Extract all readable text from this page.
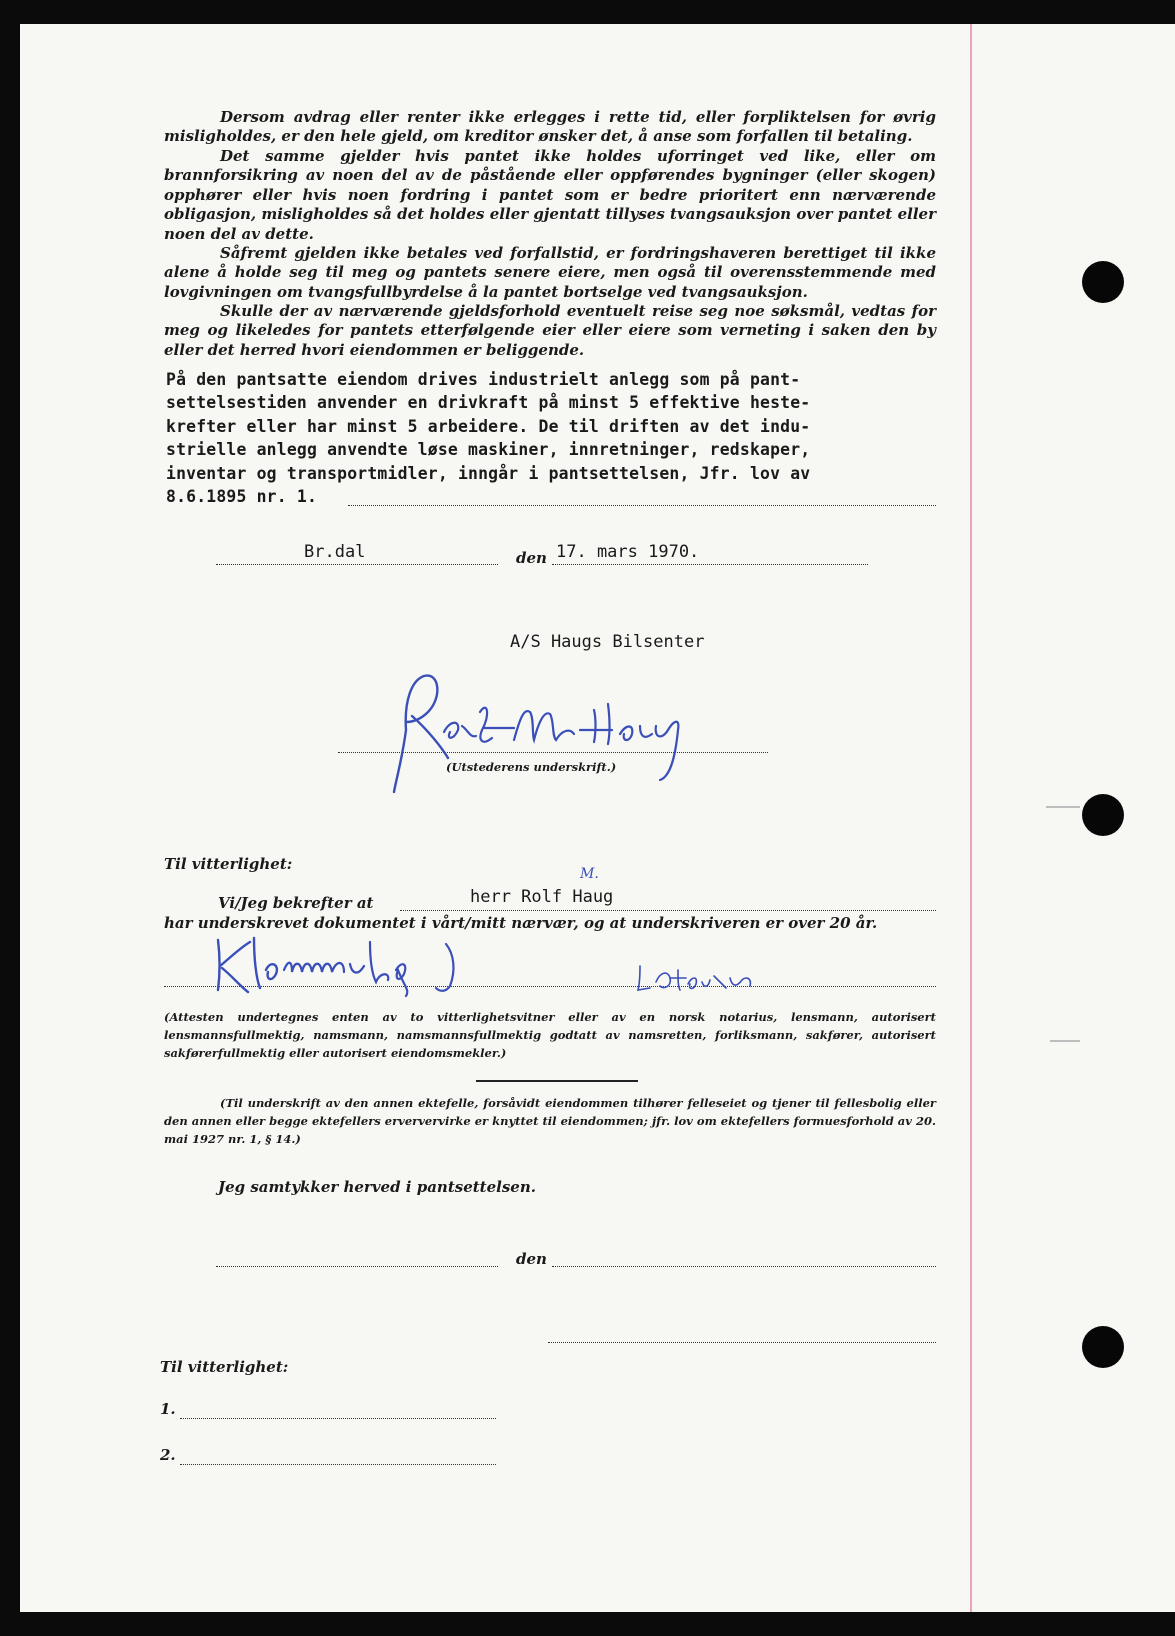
Dersom avdrag eller renter ikke erlegges i rette tid, eller forpliktelsen for øvrig misligholdes, er den hele gjeld, om kreditor ønsker det, å anse som forfallen til betaling.

Det samme gjelder hvis pantet ikke holdes uforringet ved like, eller om brannforsikring av noen del av de påstående eller oppførendes bygninger (eller skogen) opphører eller hvis noen fordring i pantet som er bedre prioritert enn nærværende obligasjon, misligholdes så det holdes eller gjentatt tillyses tvangsauksjon over pantet eller noen del av dette.

Såfremt gjelden ikke betales ved forfallstid, er fordringshaveren berettiget til ikke alene å holde seg til meg og pantets senere eiere, men også til overensstemmende med lovgivningen om tvangsfullbyrdelse å la pantet bortselge ved tvangsauksjon.

Skulle der av nærværende gjeldsforhold eventuelt reise seg noe søksmål, vedtas for meg og likeledes for pantets etterfølgende eier eller eiere som verneting i saken den by eller det herred hvori eiendommen er beliggende.

På den pantsatte eiendom drives industrielt anlegg som på pant-
settelsestiden anvender en drivkraft på minst 5 effektive heste-
krefter eller har minst 5 arbeidere. De til driften av det indu-
strielle anlegg anvendte løse maskiner, innretninger, redskaper,
inventar og transportmidler, inngår i pantsettelsen, Jfr. lov av
8.6.1895 nr. 1.
Br.dal	den 17. mars 1970.
A/S Haugs Bilsenter
(Utstederens underskrift.)
Til vitterlighet:
Vi/Jeg bekrefter at	herr Rolf Haug
M.
har underskrevet dokumentet i vårt/mitt nærvær, og at underskriveren er over 20 år.

(Attesten undertegnes enten av to vitterlighetsvitner eller av en norsk notarius, lensmann, autorisert lensmannsfullmektig, namsmann, namsmannsfullmektig godtatt av namsretten, forliksmann, sakfører, autorisert sakførerfullmektig eller autorisert eiendomsmekler.)

(Til underskrift av den annen ektefelle, forsåvidt eiendommen tilhører felleseiet og tjener til fellesbolig eller den annen eller begge ektefellers erververvirke er knyttet til eiendommen; jfr. lov om ektefellers formuesforhold av 20. mai 1927 nr. 1, § 14.)

Jeg samtykker herved i pantsettelsen.
den
Til vitterlighet:
1.
2.
